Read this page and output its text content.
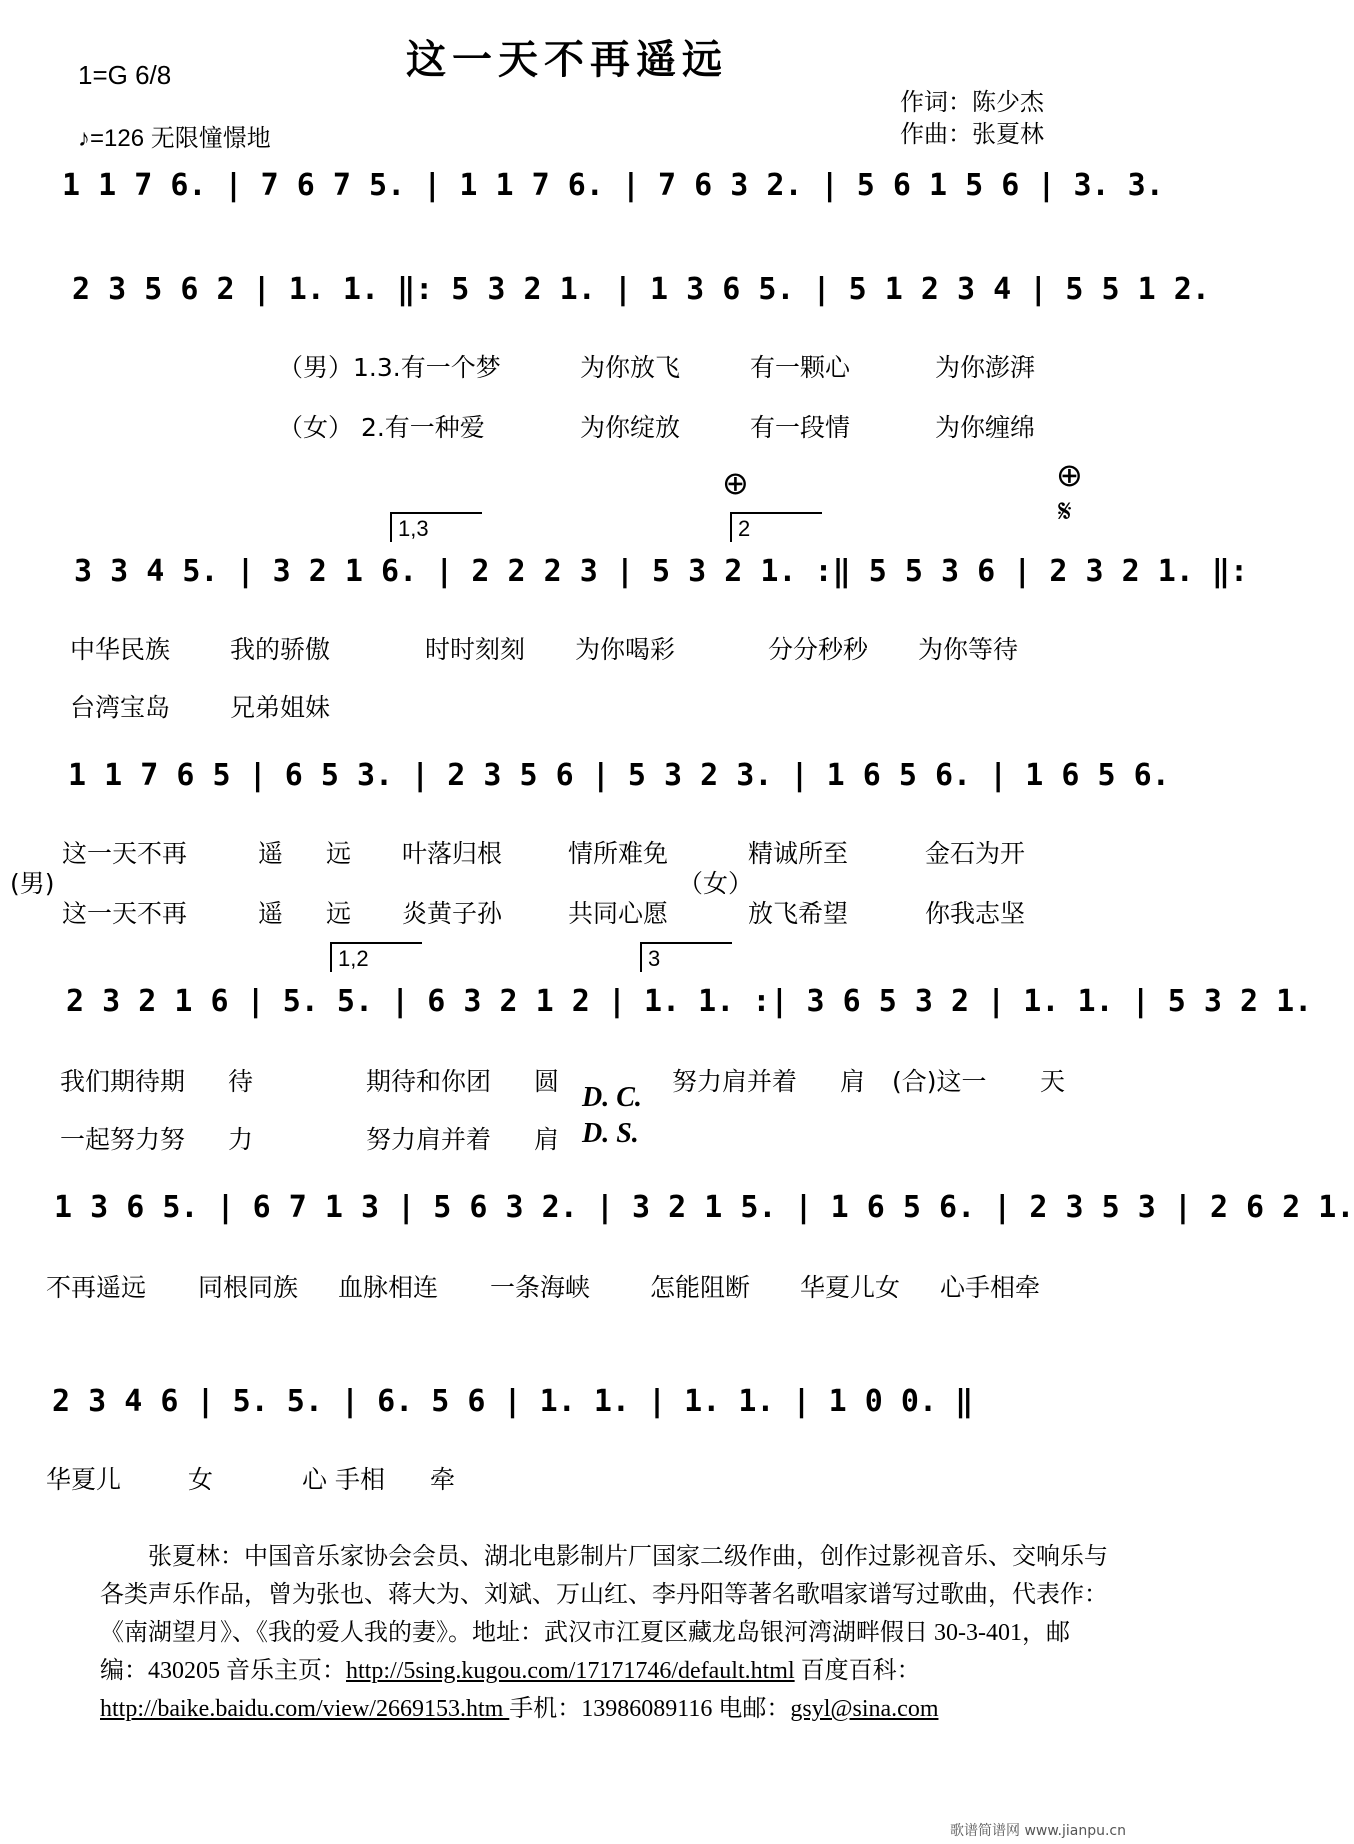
这一天不再遥远
1=G 6/8
♪=126 无限憧憬地
作词：陈少杰
作曲：张夏林
1 1 7 6. | 7 6 7 5. | 1 1 7 6. | 7 6 3 2. | 5 6 1 5 6 | 3. 3.
2 3 5 6 2 | 1. 1. ‖: 5 3 2 1. | 1 3 6 5. | 5 1 2 3 4 | 5 5 1 2.
（男）1.3.有一个梦	为你放飞	有一颗心	为你澎湃
（女） 2.有一种爱	为你绽放	有一段情	为你缠绵
⊕	⊕
𝄋
1,3	2
3 3 4 5. | 3 2 1 6. | 2 2 2 3 | 5 3 2 1. :‖ 5 5 3 6 | 2 3 2 1. ‖:
中华民族 我的骄傲	时时刻刻 为你喝彩	分分秒秒 为你等待
台湾宝岛 兄弟姐妹
1 1 7 6 5 | 6 5 3. | 2 3 5 6 | 5 3 2 3. | 1 6 5 6. | 1 6 5 6.
这一天不再	遥 远 叶落归根	情所难免	精诚所至	金石为开
(男)	（女）
这一天不再	遥 远 炎黄子孙	共同心愿	放飞希望	你我志坚
1,2	3
2 3 2 1 6 | 5. 5. | 6 3 2 1 2 | 1. 1. :| 3 6 5 3 2 | 1. 1. | 5 3 2 1.
我们期待期 待	期待和你团 圆	努力肩并着 肩 (合)这一 天
D. C.
一起努力努 力	努力肩并着 肩 D. S.
1 3 6 5. | 6 7 1 3 | 5 6 3 2. | 3 2 1 5. | 1 6 5 6. | 2 3 5 3 | 2 6 2 1.
不再遥远 同根同族 血脉相连 一条海峡 怎能阻断 华夏儿女 心手相牵
2 3 4 6 | 5. 5. | 6. 5 6 | 1. 1. | 1. 1. | 1 0 0. ‖
华夏儿	女	心 手相 牵
张夏林：中国音乐家协会会员、湖北电影制片厂国家二级作曲，创作过影视音乐、交响乐与各类声乐作品，曾为张也、蒋大为、刘斌、万山红、李丹阳等著名歌唱家谱写过歌曲，代表作：《南湖望月》、《我的爱人我的妻》。地址：武汉市江夏区藏龙岛银河湾湖畔假日 30-3-401，邮编：430205 音乐主页：http://5sing.kugou.com/17171746/default.html 百度百科：http://baike.baidu.com/view/2669153.htm 手机：13986089116 电邮：gsyl@sina.com
歌谱简谱网 www.jianpu.cn
